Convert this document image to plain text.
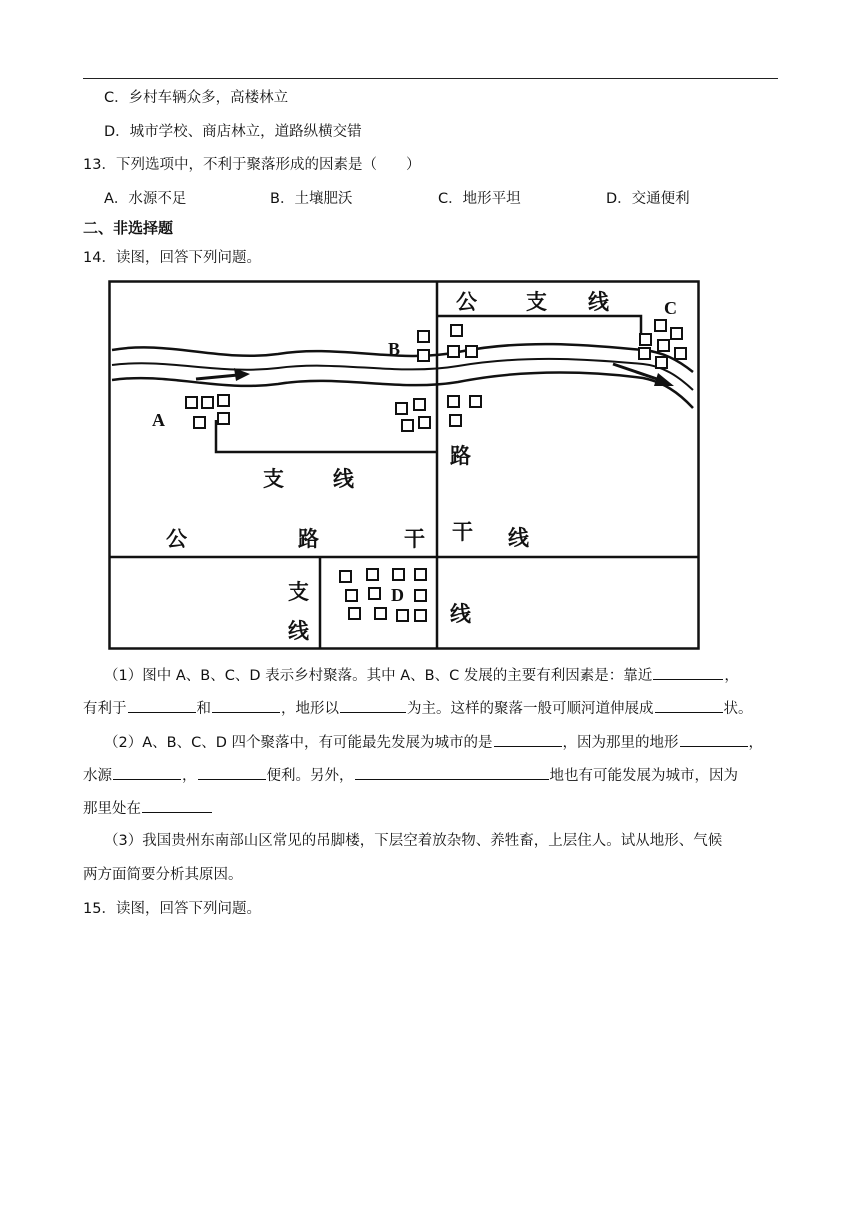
C．乡村车辆众多，高楼林立
D．城市学校、商店林立，道路纵横交错
13．下列选项中，不利于聚落形成的因素是（　　）
A．水源不足	B．土壤肥沃	C．地形平坦	D．交通便利
二、非选择题
14．读图，回答下列问题。
A
B
C
D
公 支 线
路
干 线
线
支 线
公	路	干
支
线
（1）图中 A、B、C、D 表示乡村聚落。其中 A、B、C 发展的主要有利因素是：靠近	，
有利于	和	，地形以	为主。这样的聚落一般可顺河道伸展成	状。
（2）A、B、C、D 四个聚落中，有可能最先发展为城市的是	，因为那里的地形	，
水源	，	便利。另外，	地也有可能发展为城市，因为
那里处在
（3）我国贵州东南部山区常见的吊脚楼，下层空着放杂物、养牲畜，上层住人。试从地形、气候
两方面简要分析其原因。
15．读图，回答下列问题。
